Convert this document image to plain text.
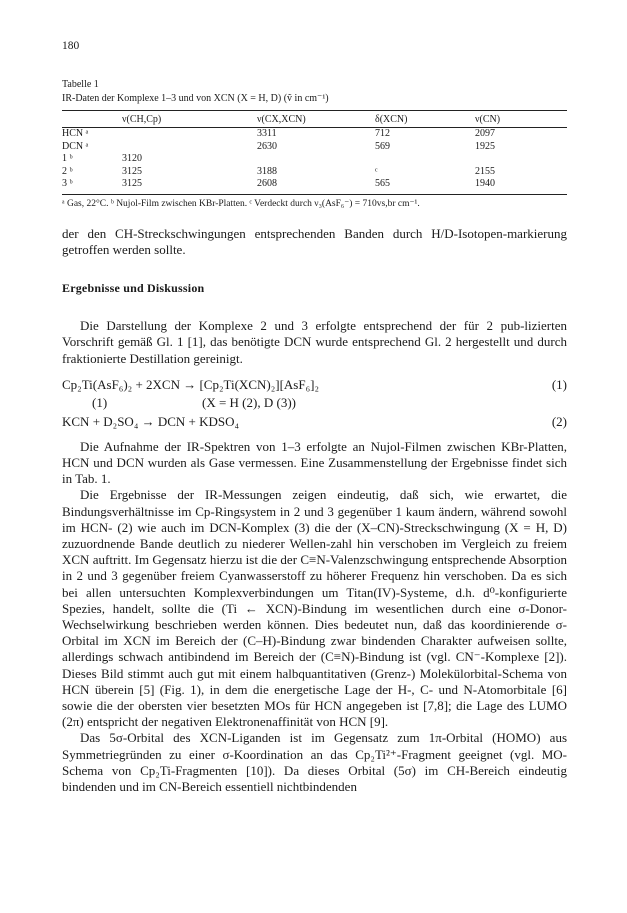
180
Tabelle 1
IR-Daten der Komplexe 1–3 und von XCN (X = H, D) (ṽ in cm⁻¹)
	ν(CH,Cp)	ν(CX,XCN)	δ(XCN)	ν(CN)
HCN ᵃ		3311	712	2097
DCN ᵃ		2630	569	1925
1 ᵇ	3120			
2 ᵇ	3125	3188	ᶜ	2155
3 ᵇ	3125	2608	565	1940
ᵃ Gas, 22°C. ᵇ Nujol-Film zwischen KBr-Platten. ᶜ Verdeckt durch ν₃(AsF₆⁻) = 710vs,br cm⁻¹.

der den CH-Streckschwingungen entsprechenden Banden durch H/D-Isotopen-markierung getroffen werden sollte.

Ergebnisse und Diskussion

Die Darstellung der Komplexe 2 und 3 erfolgte entsprechend der für 2 pub-lizierten Vorschrift gemäß Gl. 1 [1], das benötigte DCN wurde entsprechend Gl. 2 hergestellt und durch fraktionierte Destillation gereinigt.

Cp₂Ti(AsF₆)₂ + 2XCN → [Cp₂Ti(XCN)₂][AsF₆]₂	(1)
(1)	(X = H (2), D (3))
KCN + D₂SO₄ → DCN + KDSO₄	(2)

Die Aufnahme der IR-Spektren von 1–3 erfolgte an Nujol-Filmen zwischen KBr-Platten, HCN und DCN wurden als Gase vermessen. Eine Zusammenstellung der Ergebnisse findet sich in Tab. 1.

Die Ergebnisse der IR-Messungen zeigen eindeutig, daß sich, wie erwartet, die Bindungsverhältnisse im Cp-Ringsystem in 2 und 3 gegenüber 1 kaum ändern, während sowohl im HCN- (2) wie auch im DCN-Komplex (3) die der (X–CN)-Streckschwingung (X = H, D) zuzuordnende Bande deutlich zu niederer Wellen-zahl hin verschoben im Vergleich zu freiem XCN auftritt. Im Gegensatz hierzu ist die der C≡N-Valenzschwingung entsprechende Absorption in 2 und 3 gegenüber freiem Cyanwasserstoff zu höherer Frequenz hin verschoben. Da es sich bei allen untersuchten Komplexverbindungen um Titan(IV)-Systeme, d.h. d⁰-konfigurierte Spezies, handelt, sollte die (Ti ← XCN)-Bindung im wesentlichen durch eine σ-Donor-Wechselwirkung beschrieben werden können. Dies bedeutet nun, daß das koordinierende σ-Orbital im XCN im Bereich der (C–H)-Bindung zwar bindenden Charakter aufweisen sollte, allerdings schwach antibindend im Bereich der (C≡N)-Bindung ist (vgl. CN⁻-Komplexe [2]). Dieses Bild stimmt auch gut mit einem halbquantitativen (Grenz-) Molekülorbital-Schema von HCN überein [5] (Fig. 1), in dem die energetische Lage der H-, C- und N-Atomorbitale [6] sowie die der obersten vier besetzten MOs für HCN angegeben ist [7,8]; die Lage des LUMO (2π) entspricht der negativen Elektronenaffinität von HCN [9].

Das 5σ-Orbital des XCN-Liganden ist im Gegensatz zum 1π-Orbital (HOMO) aus Symmetriegründen zu einer σ-Koordination an das Cp₂Ti²⁺-Fragment geeignet (vgl. MO-Schema von Cp₂Ti-Fragmenten [10]). Da dieses Orbital (5σ) im CH-Bereich eindeutig bindenden und im CN-Bereich essentiell nichtbindenden
